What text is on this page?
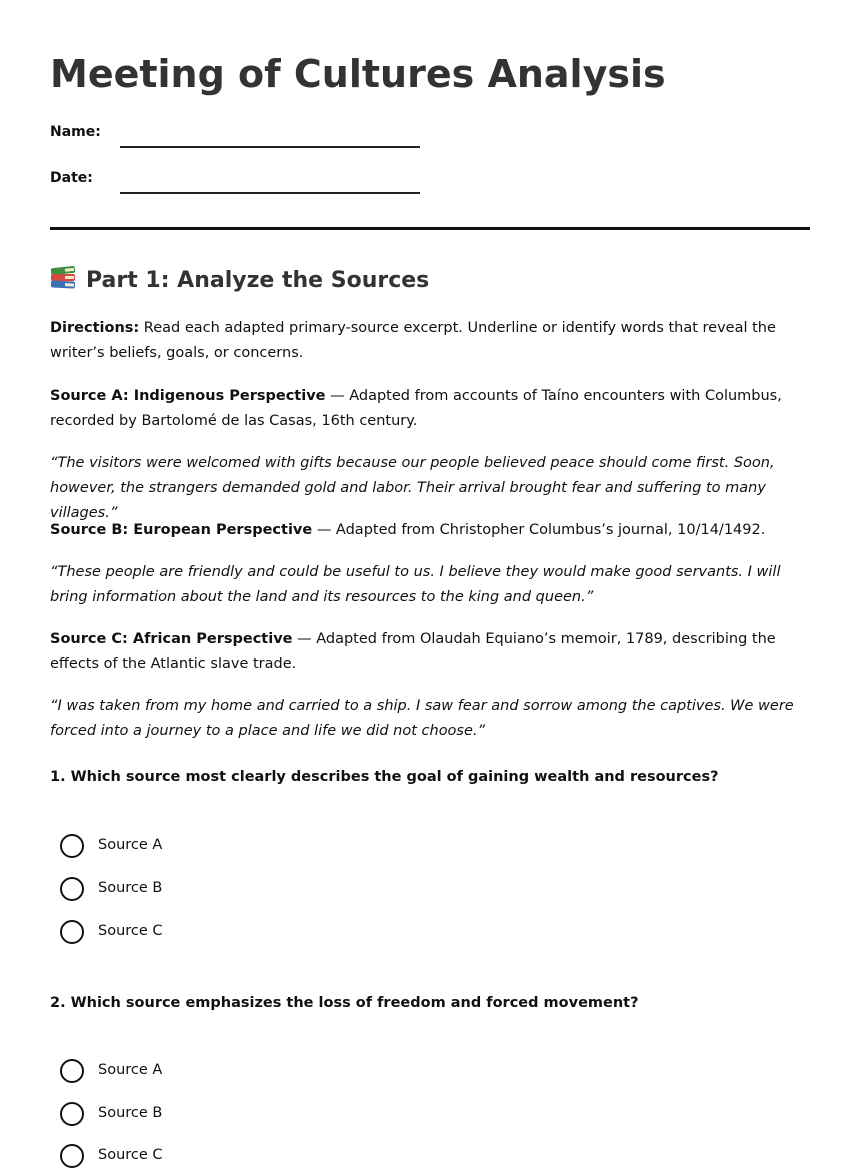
Meeting of Cultures Analysis
Name:
Date:
Part 1: Analyze the Sources

Directions: Read each adapted primary-source excerpt. Underline or identify words that reveal the writer’s beliefs, goals, or concerns.

Source A: Indigenous Perspective — Adapted from accounts of Taíno encounters with Columbus, recorded by Bartolomé de las Casas, 16th century.

“The visitors were welcomed with gifts because our people believed peace should come first. Soon, however, the strangers demanded gold and labor. Their arrival brought fear and suffering to many villages.”

Source B: European Perspective — Adapted from Christopher Columbus’s journal, 10/14/1492.

“These people are friendly and could be useful to us. I believe they would make good servants. I will bring information about the land and its resources to the king and queen.”

Source C: African Perspective — Adapted from Olaudah Equiano’s memoir, 1789, describing the effects of the Atlantic slave trade.

“I was taken from my home and carried to a ship. I saw fear and sorrow among the captives. We were forced into a journey to a place and life we did not choose.”

1. Which source most clearly describes the goal of gaining wealth and resources?

Source A
Source B
Source C

2. Which source emphasizes the loss of freedom and forced movement?

Source A
Source B
Source C
